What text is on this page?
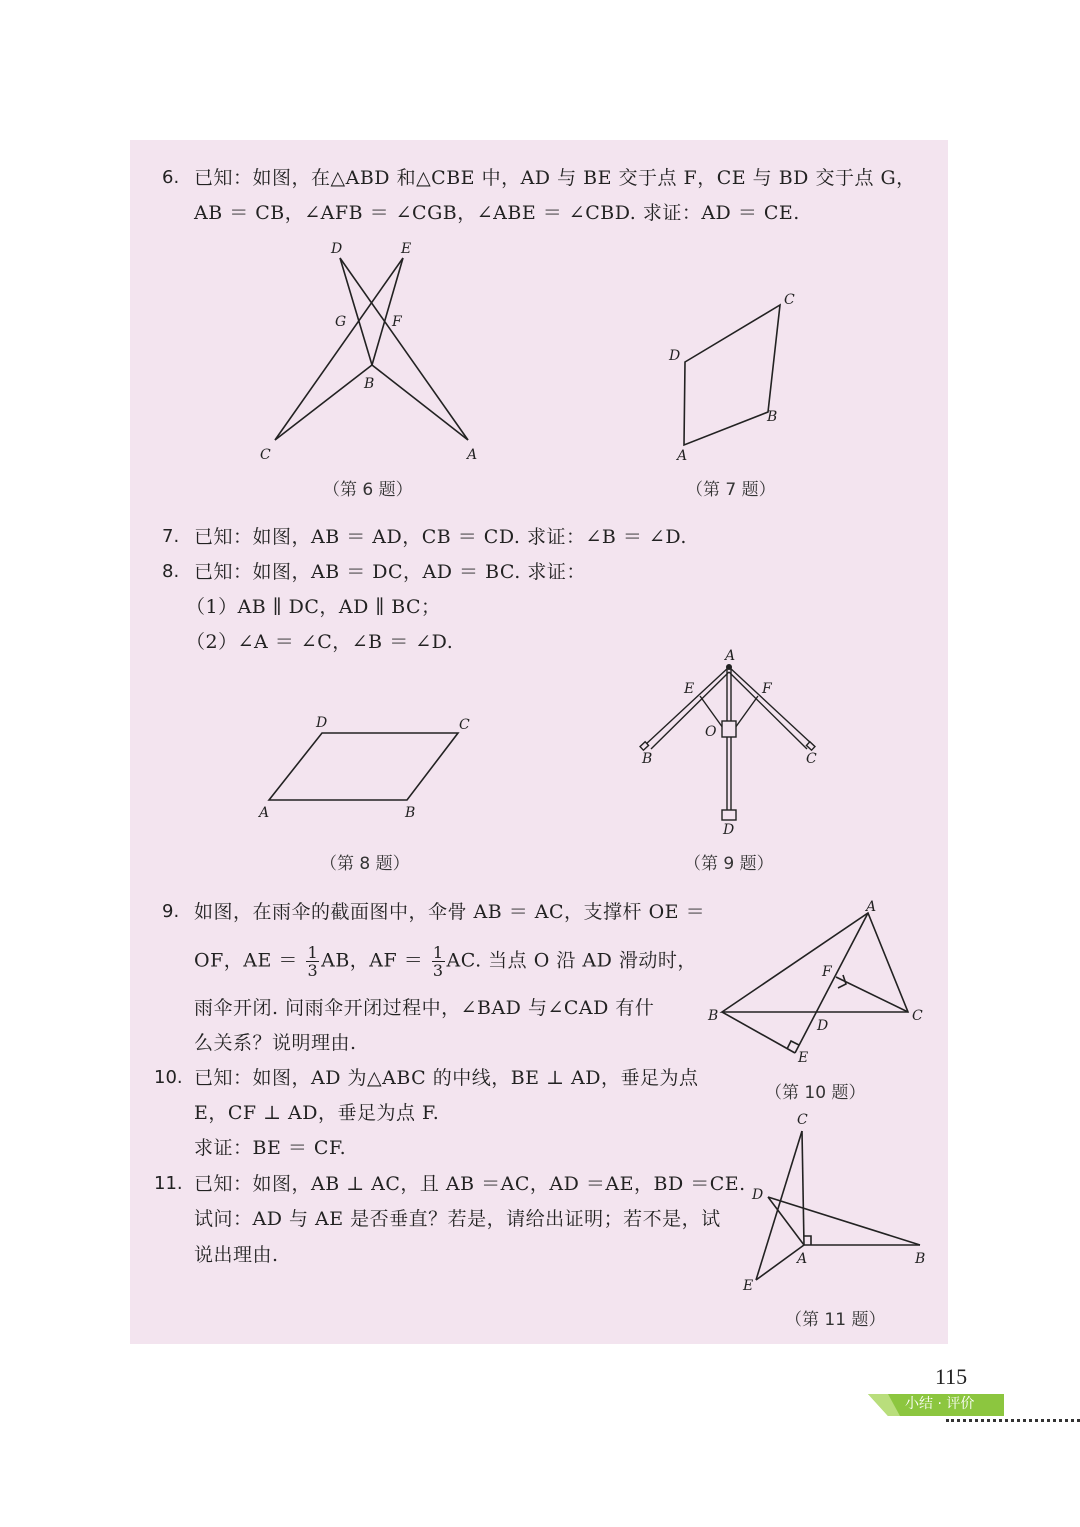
6. 已知：如图，在△ABD 和△CBE 中，AD 与 BE 交于点 F，CE 与 BD 交于点 G，
AB ＝ CB，∠AFB ＝ ∠CGB，∠ABE ＝ ∠CBD. 求证：AD ＝ CE.
D	E
G	F
B
C	A
C
D
B
A
D	C
A	B
A
E	F
O
B	C
D
A
F
B	C
D
E
C
D
A	B
E
（第 6 题）	（第 7 题）
7. 已知：如图，AB ＝ AD，CB ＝ CD. 求证：∠B ＝ ∠D.
8. 已知：如图，AB ＝ DC，AD ＝ BC. 求证：
（1）AB ∥ DC，AD ∥ BC；
（2）∠A ＝ ∠C，∠B ＝ ∠D.
（第 8 题）	（第 9 题）
9. 如图，在雨伞的截面图中，伞骨 AB ＝ AC，支撑杆 OE ＝
OF，AE ＝ $\frac{1}{3}$ AB，AF ＝ $\frac{1}{3}$ AC. 当点 O 沿 AD 滑动时，
雨伞开闭. 问雨伞开闭过程中，∠BAD 与∠CAD 有什
么关系？说明理由.
10. 已知：如图，AD 为△ABC 的中线，BE ⊥ AD，垂足为点
E，CF ⊥ AD，垂足为点 F.
求证：BE ＝ CF.
（第 10 题）
11. 已知：如图，AB ⊥ AC，且 AB ＝AC，AD ＝AE，BD ＝CE.
试问：AD 与 AE 是否垂直？若是，请给出证明；若不是，试
说出理由.
（第 11 题）
115
小结 · 评价
